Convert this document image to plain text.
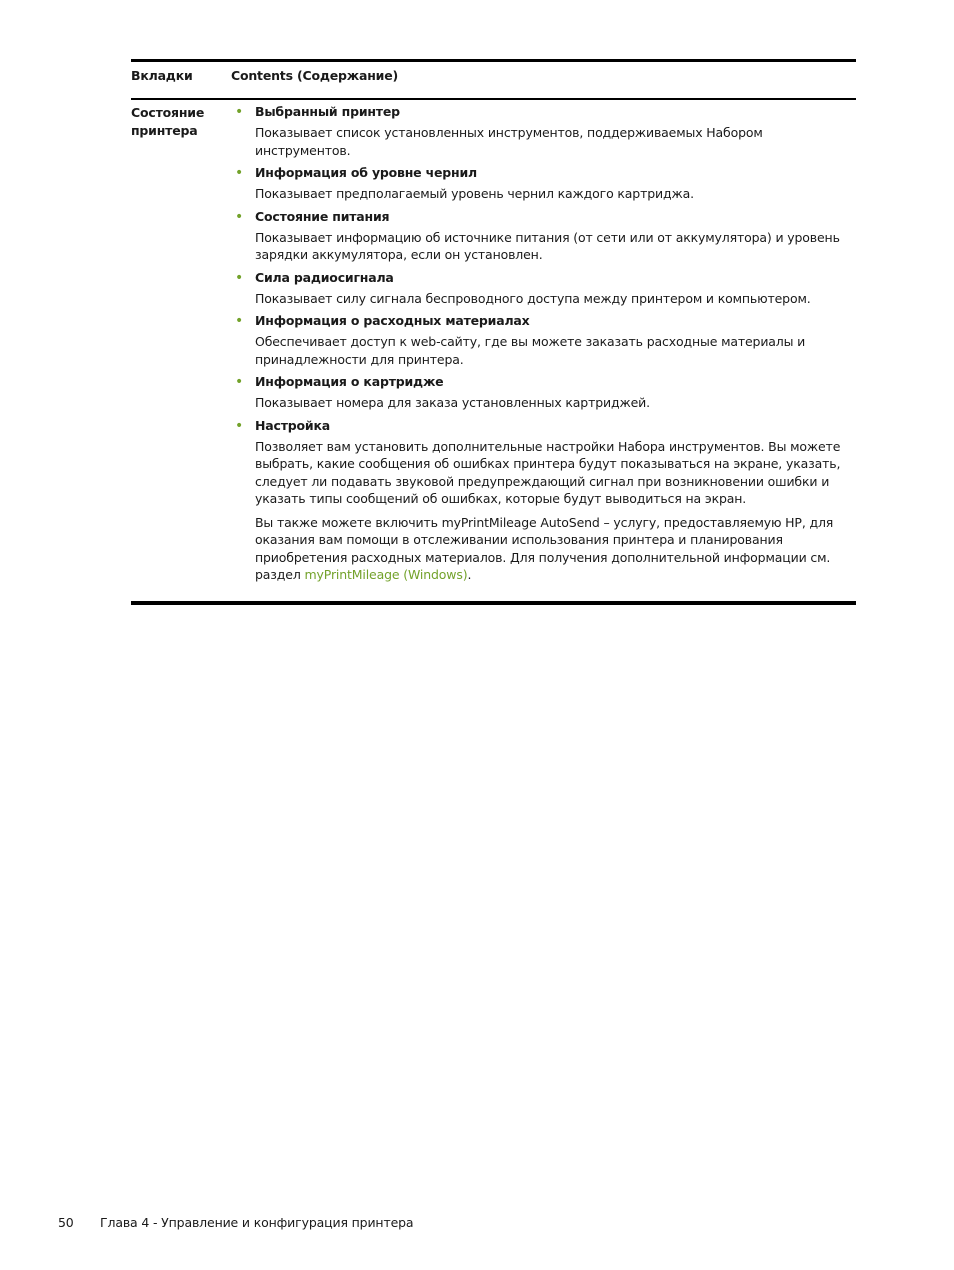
Вкладки	Contents (Содержание)
Состояние принтера
• Выбранный принтер

Показывает список установленных инструментов, поддерживаемых Набором инструментов.

• Информация об уровне чернил

Показывает предполагаемый уровень чернил каждого картриджа.

• Состояние питания

Показывает информацию об источнике питания (от сети или от аккумулятора) и уровень зарядки аккумулятора, если он установлен.

• Сила радиосигнала

Показывает силу сигнала беспроводного доступа между принтером и компьютером.

• Информация о расходных материалах

Обеспечивает доступ к web-сайту, где вы можете заказать расходные материалы и принадлежности для принтера.

• Информация о картридже

Показывает номера для заказа установленных картриджей.

• Настройка

Позволяет вам установить дополнительные настройки Набора инструментов. Вы можете выбрать, какие сообщения об ошибках принтера будут показываться на экране, указать, следует ли подавать звуковой предупреждающий сигнал при возникновении ошибки и указать типы сообщений об ошибках, которые будут выводиться на экран.

Вы также можете включить myPrintMileage AutoSend – услугу, предоставляемую HP, для оказания вам помощи в отслеживании использования принтера и планирования приобретения расходных материалов. Для получения дополнительной информации см. раздел myPrintMileage (Windows).

50 Глава 4 - Управление и конфигурация принтера
